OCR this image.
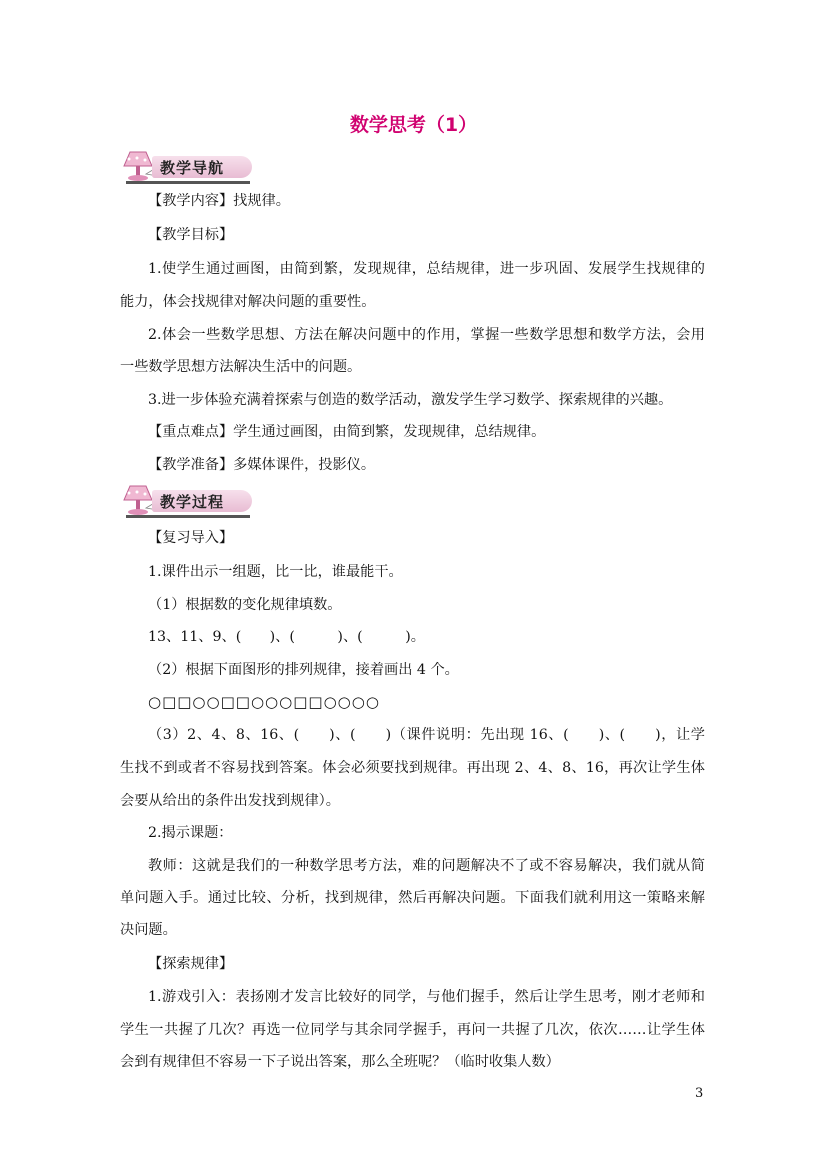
数学思考（1）
教学导航
【教学内容】找规律。
【教学目标】
1.使学生通过画图，由简到繁，发现规律，总结规律，进一步巩固、发展学生找规律的
能力，体会找规律对解决问题的重要性。
2.体会一些数学思想、方法在解决问题中的作用，掌握一些数学思想和数学方法，会用
一些数学思想方法解决生活中的问题。
3.进一步体验充满着探索与创造的数学活动，激发学生学习数学、探索规律的兴趣。
【重点难点】学生通过画图，由简到繁，发现规律，总结规律。
【教学准备】多媒体课件，投影仪。
教学过程
【复习导入】
1.课件出示一组题，比一比，谁最能干。
（1）根据数的变化规律填数。
13、11、9、(　　)、(　　　)、(　　　)。
（2）根据下面图形的排列规律，接着画出 4 个。
○□□○○□□○○○□□○○○○
（3）2、4、8、16、(　　)、(　　)（课件说明：先出现 16、(　　)、(　　)，让学
生找不到或者不容易找到答案。体会必须要找到规律。再出现 2、4、8、16，再次让学生体
会要从给出的条件出发找到规律）。
2.揭示课题：
教师：这就是我们的一种数学思考方法，难的问题解决不了或不容易解决，我们就从简
单问题入手。通过比较、分析，找到规律，然后再解决问题。下面我们就利用这一策略来解
决问题。
【探索规律】
1.游戏引入：表扬刚才发言比较好的同学，与他们握手，然后让学生思考，刚才老师和
学生一共握了几次？再选一位同学与其余同学握手，再问一共握了几次，依次……让学生体
会到有规律但不容易一下子说出答案，那么全班呢？（临时收集人数）
3
